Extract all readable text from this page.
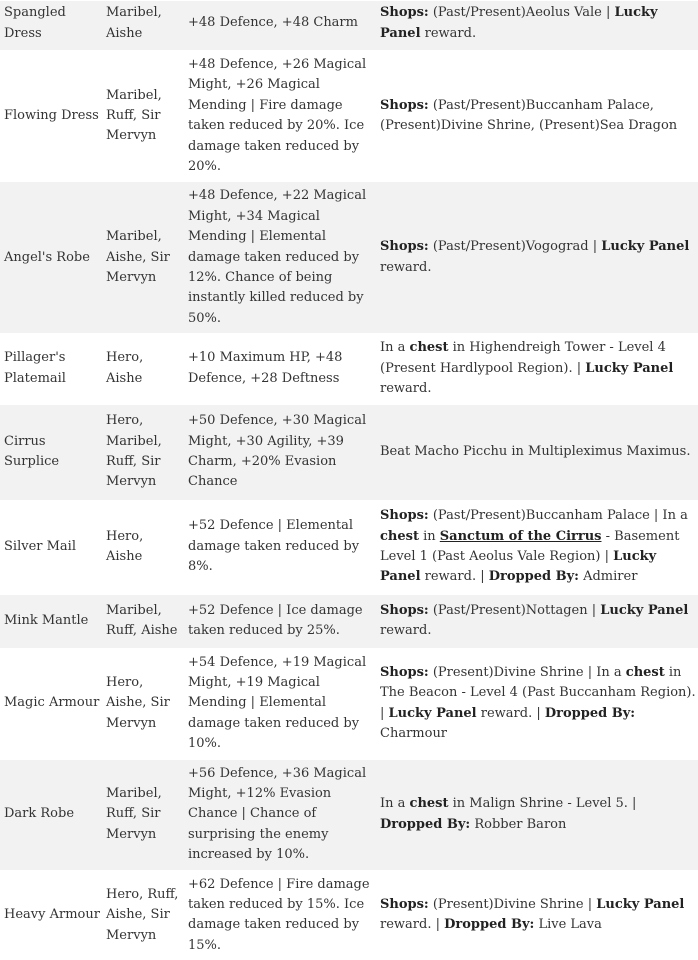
Spangled Dress	Maribel, Aishe	+48 Defence, +48 Charm	Shops: (Past/Present)Aeolus Vale | Lucky Panel reward.
Flowing Dress	Maribel, Ruff, Sir Mervyn	+48 Defence, +26 Magical Might, +26 Magical Mending | Fire damage taken reduced by 20%. Ice damage taken reduced by 20%.	Shops: (Past/Present)Buccanham Palace, (Present)Divine Shrine, (Present)Sea Dragon
Angel's Robe	Maribel, Aishe, Sir Mervyn	+48 Defence, +22 Magical Might, +34 Magical Mending | Elemental damage taken reduced by 12%. Chance of being instantly killed reduced by 50%.	Shops: (Past/Present)Vogograd | Lucky Panel reward.
Pillager's Platemail	Hero, Aishe	+10 Maximum HP, +48 Defence, +28 Deftness	In a chest in Highendreigh Tower - Level 4 (Present Hardlypool Region). | Lucky Panel reward.
Cirrus Surplice	Hero, Maribel, Ruff, Sir Mervyn	+50 Defence, +30 Magical Might, +30 Agility, +39 Charm, +20% Evasion Chance	Beat Macho Picchu in Multipleximus Maximus.
Silver Mail	Hero, Aishe	+52 Defence | Elemental damage taken reduced by 8%.	Shops: (Past/Present)Buccanham Palace | In a chest in Sanctum of the Cirrus - Basement Level 1 (Past Aeolus Vale Region) | Lucky Panel reward. | Dropped By: Admirer
Mink Mantle	Maribel, Ruff, Aishe	+52 Defence | Ice damage taken reduced by 25%.	Shops: (Past/Present)Nottagen | Lucky Panel reward.
Magic Armour	Hero, Aishe, Sir Mervyn	+54 Defence, +19 Magical Might, +19 Magical Mending | Elemental damage taken reduced by 10%.	Shops: (Present)Divine Shrine | In a chest in The Beacon - Level 4 (Past Buccanham Region). | Lucky Panel reward. | Dropped By: Charmour
Dark Robe	Maribel, Ruff, Sir Mervyn	+56 Defence, +36 Magical Might, +12% Evasion Chance | Chance of surprising the enemy increased by 10%.	In a chest in Malign Shrine - Level 5. | Dropped By: Robber Baron
Heavy Armour	Hero, Ruff, Aishe, Sir Mervyn	+62 Defence | Fire damage taken reduced by 15%. Ice damage taken reduced by 15%.	Shops: (Present)Divine Shrine | Lucky Panel reward. | Dropped By: Live Lava
